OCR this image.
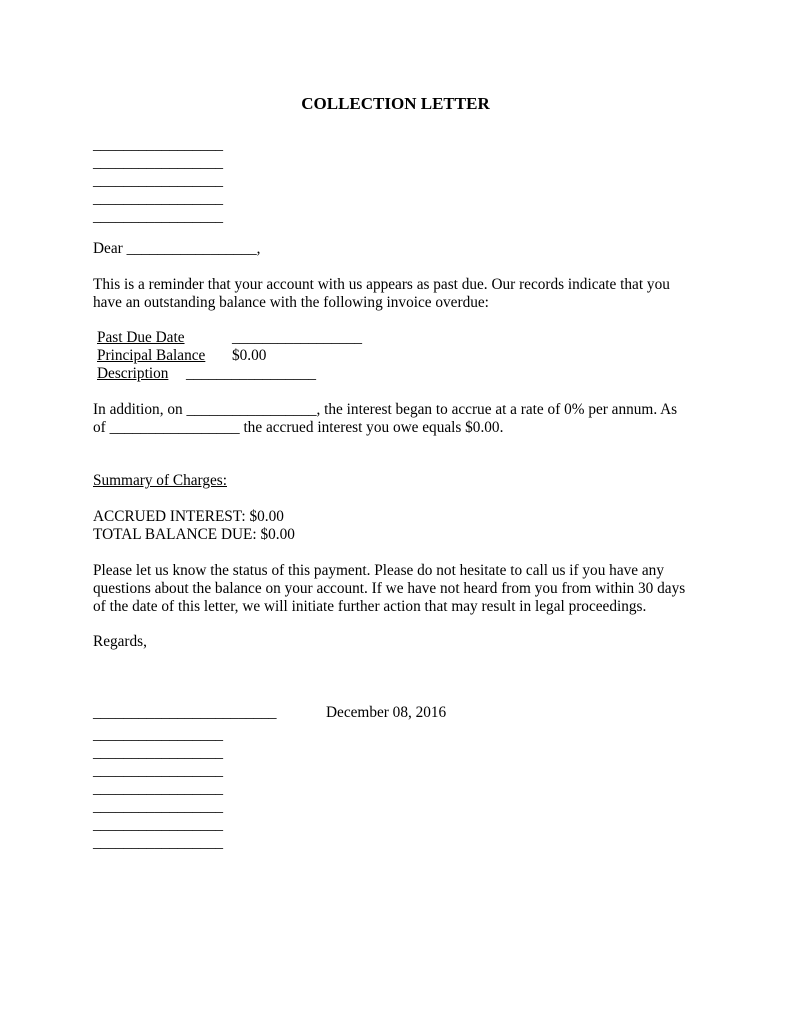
COLLECTION LETTER
_________________
_________________
_________________
_________________
_________________
Dear _________________,
This is a reminder that your account with us appears as past due. Our records indicate that you
have an outstanding balance with the following invoice overdue:
Past Due Date	_________________
Principal Balance $0.00
Description _________________
In addition, on _________________, the interest began to accrue at a rate of 0% per annum. As
of _________________ the accrued interest you owe equals $0.00.
Summary of Charges:
ACCRUED INTEREST: $0.00
TOTAL BALANCE DUE: $0.00
Please let us know the status of this payment. Please do not hesitate to call us if you have any
questions about the balance on your account. If we have not heard from you from within 30 days
of the date of this letter, we will initiate further action that may result in legal proceedings.
Regards,
________________________	December 08, 2016
_________________
_________________
_________________
_________________
_________________
_________________
_________________
